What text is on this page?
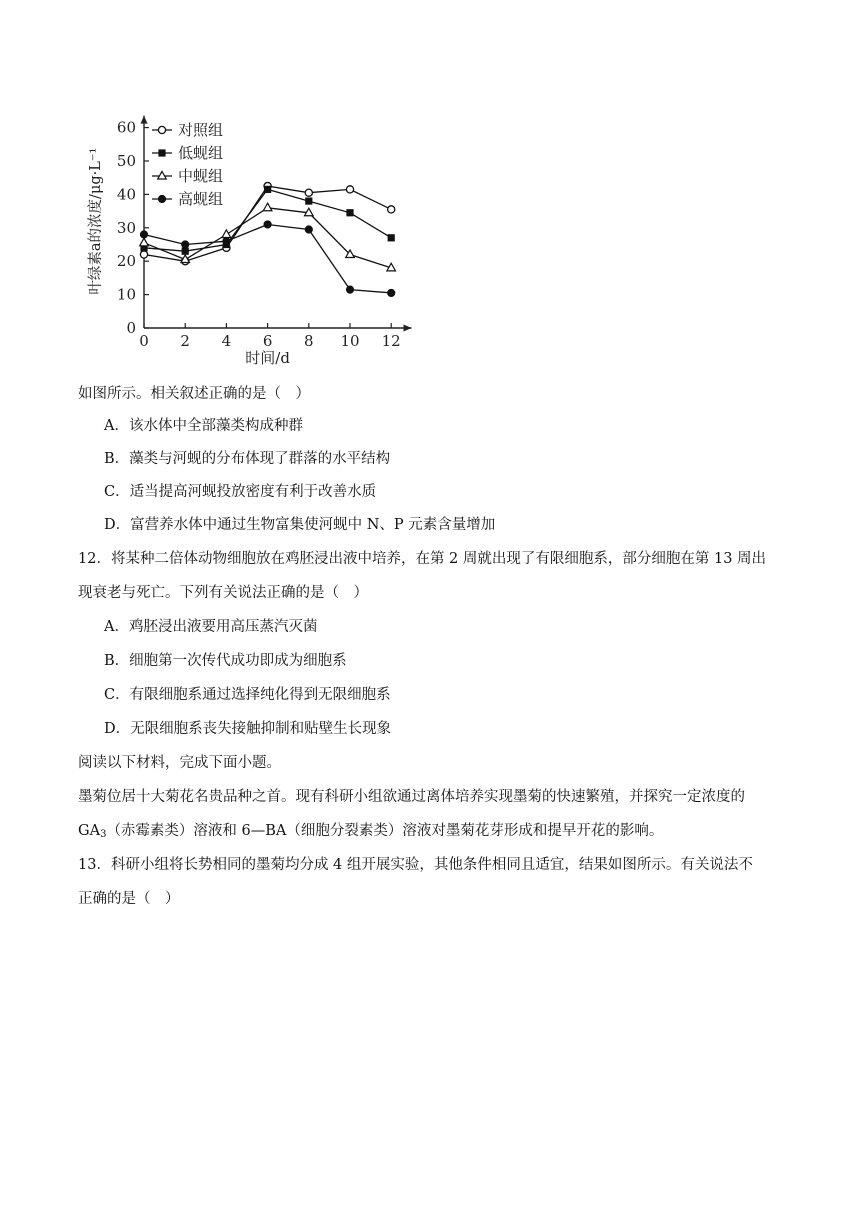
0 2 4 6 8 10 12
0
10
20
30
40
50
60
时间/d
叶绿素a的浓度/μg·L⁻¹
对照组
低蚬组
中蚬组
高蚬组
如图所示。相关叙述正确的是（　）
A．该水体中全部藻类构成种群
B．藻类与河蚬的分布体现了群落的水平结构
C．适当提高河蚬投放密度有利于改善水质
D．富营养水体中通过生物富集使河蚬中 N、P 元素含量增加
12．将某种二倍体动物细胞放在鸡胚浸出液中培养，在第 2 周就出现了有限细胞系，部分细胞在第 13 周出
现衰老与死亡。下列有关说法正确的是（　）
A．鸡胚浸出液要用高压蒸汽灭菌
B．细胞第一次传代成功即成为细胞系
C．有限细胞系通过选择纯化得到无限细胞系
D．无限细胞系丧失接触抑制和贴壁生长现象
阅读以下材料，完成下面小题。
墨菊位居十大菊花名贵品种之首。现有科研小组欲通过离体培养实现墨菊的快速繁殖，并探究一定浓度的
$GA_3$（赤霉素类）溶液和 6—BA（细胞分裂素类）溶液对墨菊花芽形成和提早开花的影响。
13．科研小组将长势相同的墨菊均分成 4 组开展实验，其他条件相同且适宜，结果如图所示。有关说法不
正确的是（　）
